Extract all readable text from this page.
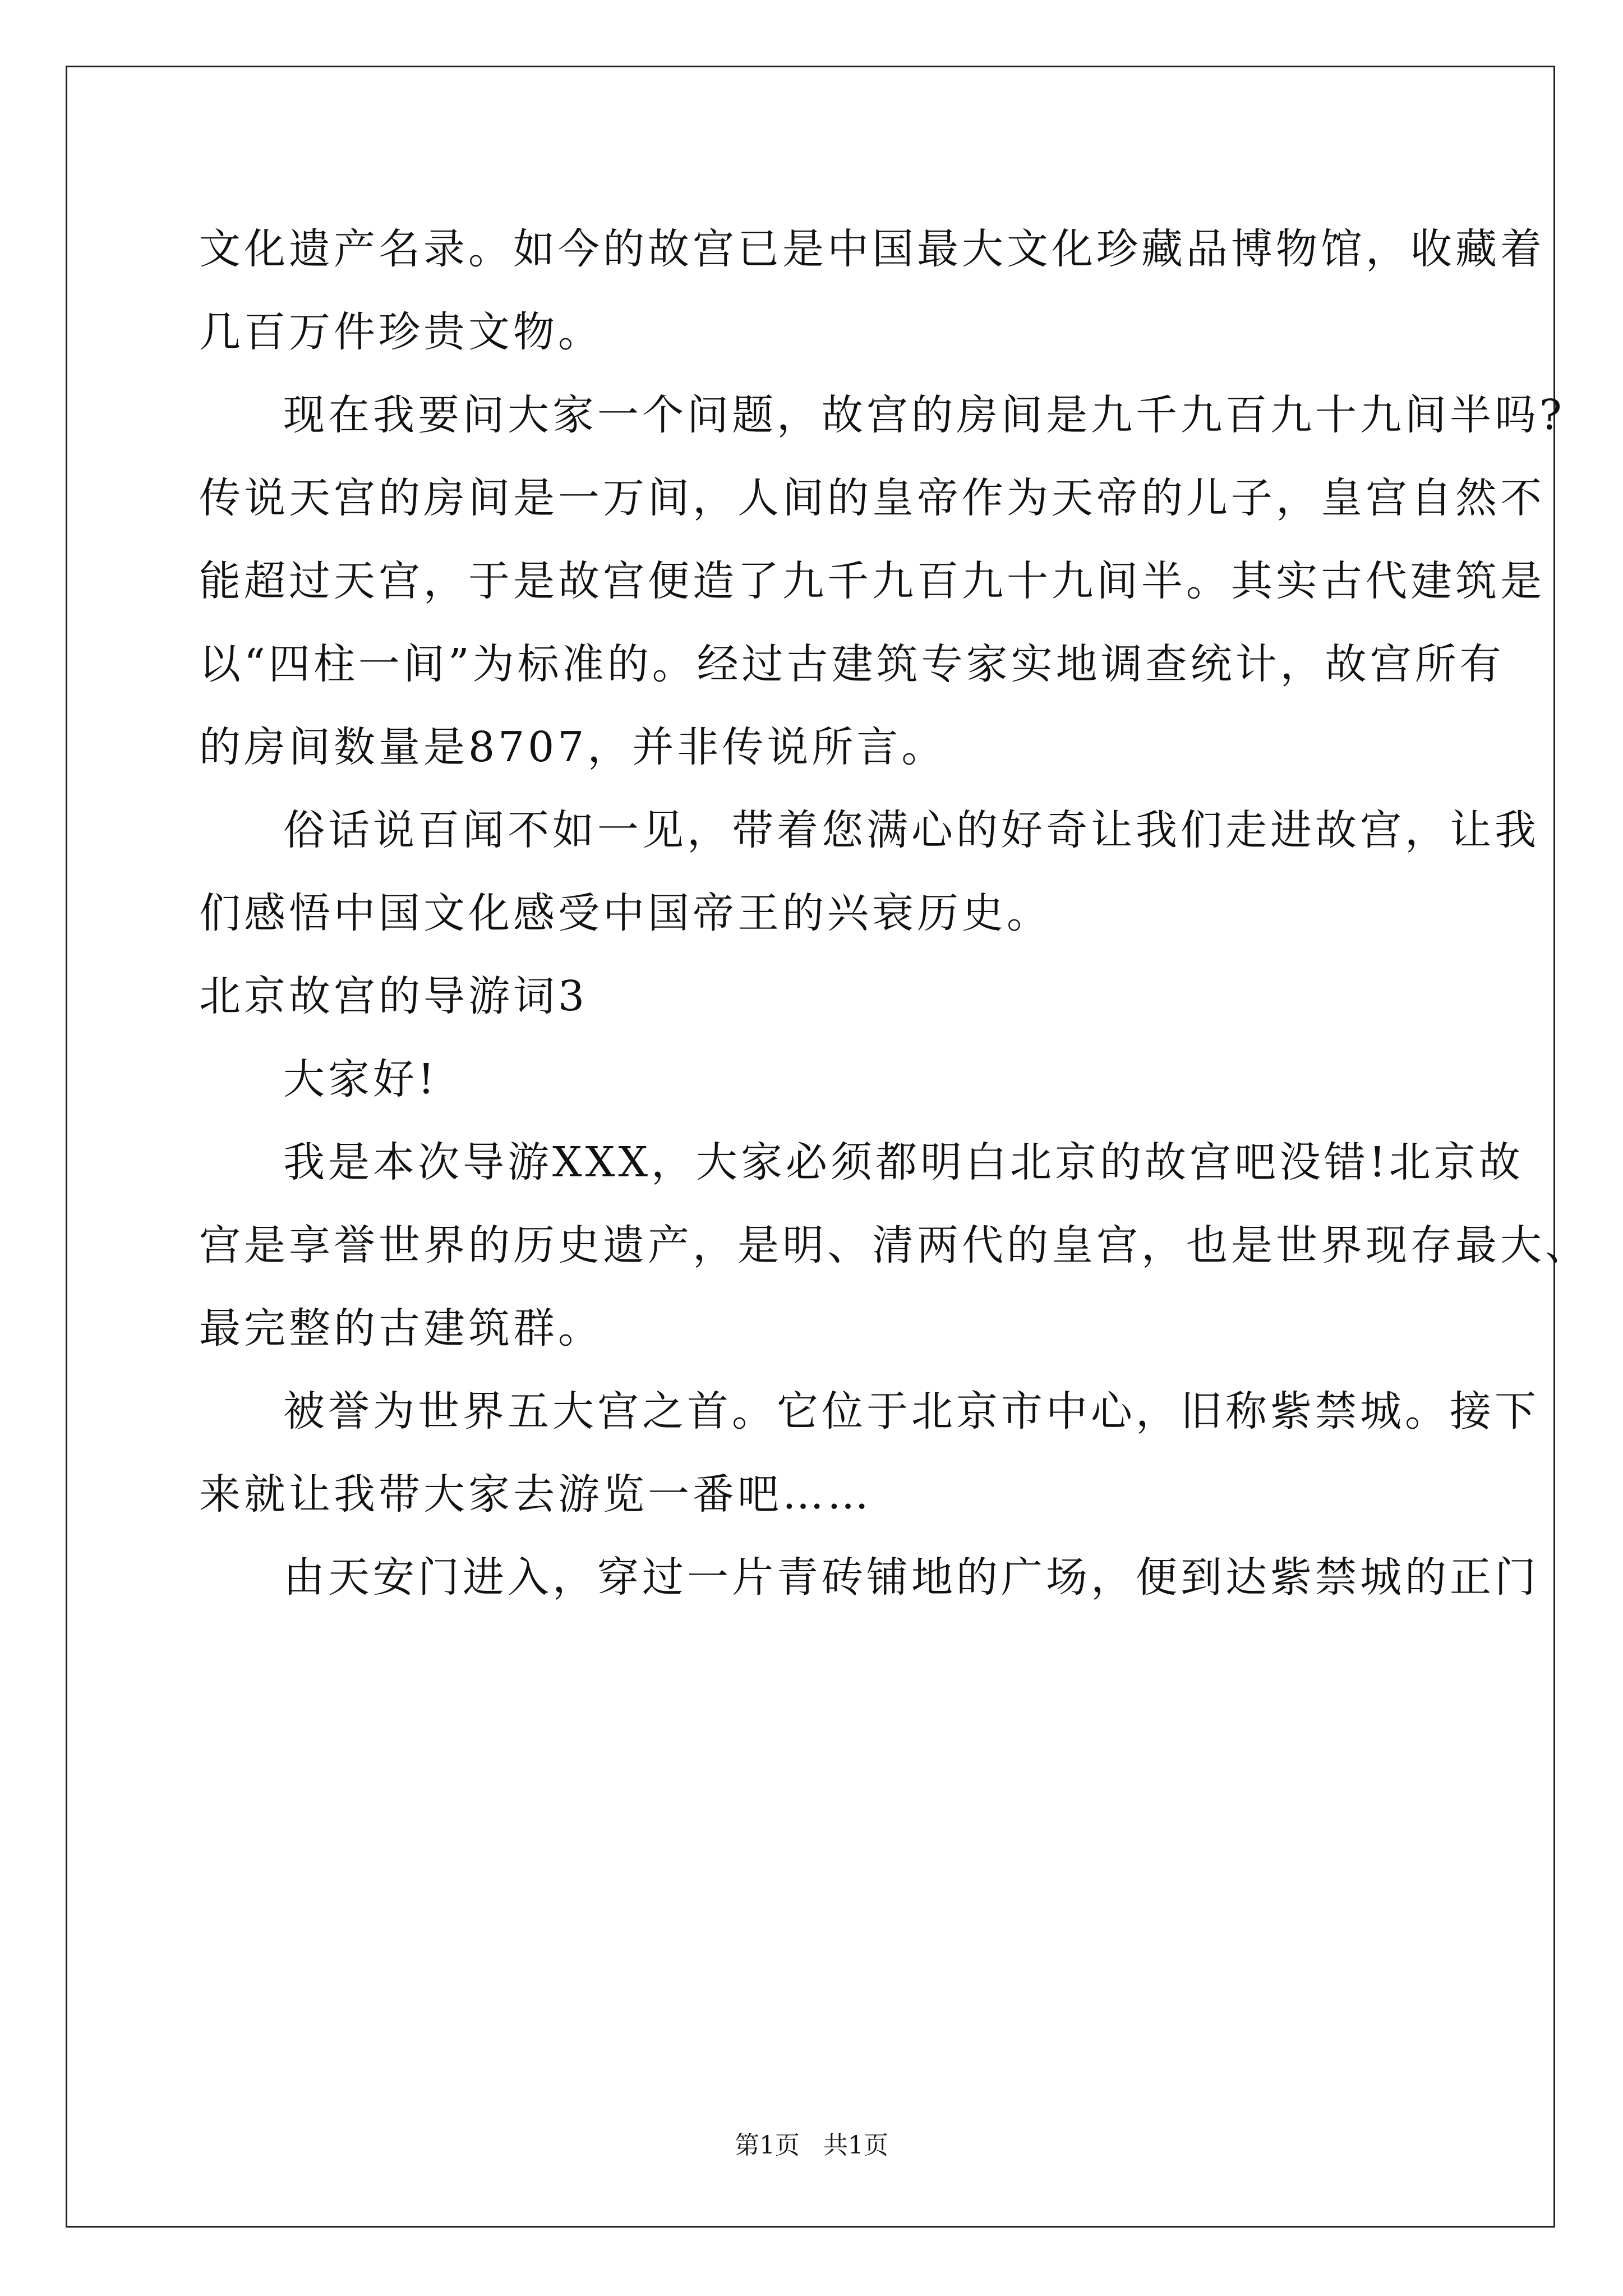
文化遗产名录。如今的故宫已是中国最大文化珍藏品博物馆，收藏着
几百万件珍贵文物。
现在我要问大家一个问题，故宫的房间是九千九百九十九间半吗?
传说天宫的房间是一万间，人间的皇帝作为天帝的儿子，皇宫自然不
能超过天宫，于是故宫便造了九千九百九十九间半。其实古代建筑是
以“四柱一间”为标准的。经过古建筑专家实地调查统计，故宫所有
的房间数量是8707，并非传说所言。
俗话说百闻不如一见，带着您满心的好奇让我们走进故宫，让我
们感悟中国文化感受中国帝王的兴衰历史。
北京故宫的导游词3
大家好!
我是本次导游XXX，大家必须都明白北京的故宫吧没错!北京故
宫是享誉世界的历史遗产，是明、清两代的皇宫，也是世界现存最大、
最完整的古建筑群。
被誉为世界五大宫之首。它位于北京市中心，旧称紫禁城。接下
来就让我带大家去游览一番吧……
由天安门进入，穿过一片青砖铺地的广场，便到达紫禁城的正门
第1页 共1页
